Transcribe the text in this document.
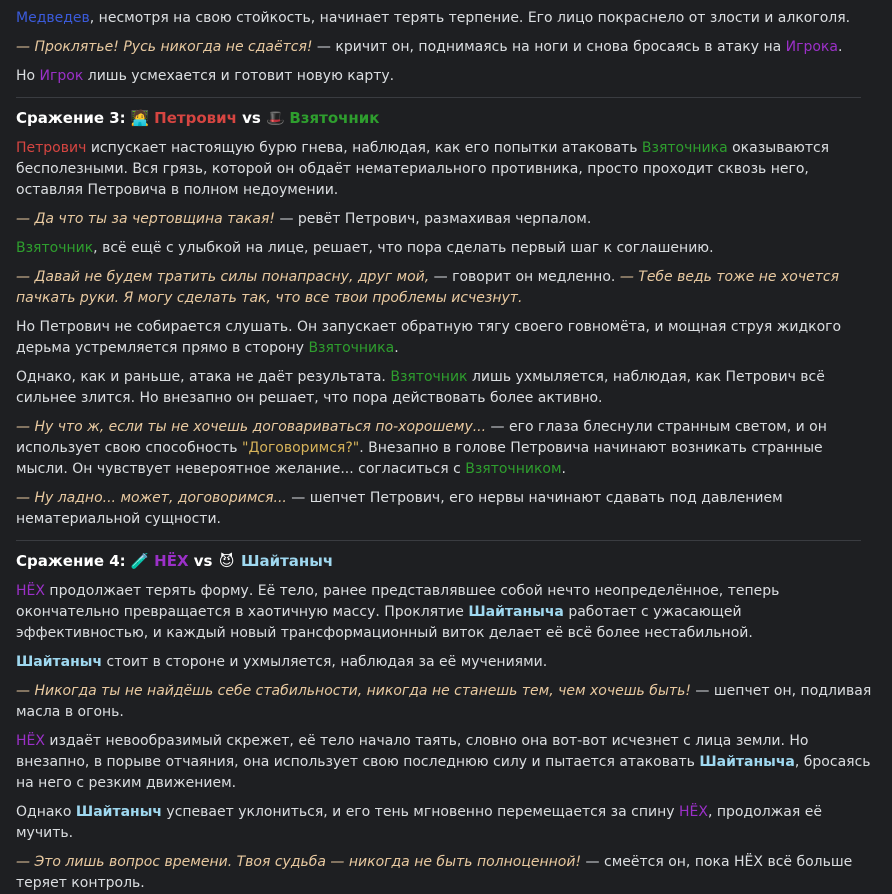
Медведев, несмотря на свою стойкость, начинает терять терпение. Его лицо покраснело от злости и алкоголя.

— Проклятье! Русь никогда не сдаётся! — кричит он, поднимаясь на ноги и снова бросаясь в атаку на Игрока.

Но Игрок лишь усмехается и готовит новую карту.

Сражение 3: 🧑‍💻 Петрович vs 🎩 Взяточник

Петрович испускает настоящую бурю гнева, наблюдая, как его попытки атаковать Взяточника оказываются бесполезными. Вся грязь, которой он обдаёт нематериального противника, просто проходит сквозь него, оставляя Петровича в полном недоумении.

— Да что ты за чертовщина такая! — ревёт Петрович, размахивая черпалом.

Взяточник, всё ещё с улыбкой на лице, решает, что пора сделать первый шаг к соглашению.

— Давай не будем тратить силы понапрасну, друг мой, — говорит он медленно. — Тебе ведь тоже не хочется пачкать руки. Я могу сделать так, что все твои проблемы исчезнут.

Но Петрович не собирается слушать. Он запускает обратную тягу своего говномёта, и мощная струя жидкого дерьма устремляется прямо в сторону Взяточника.

Однако, как и раньше, атака не даёт результата. Взяточник лишь ухмыляется, наблюдая, как Петрович всё сильнее злится. Но внезапно он решает, что пора действовать более активно.

— Ну что ж, если ты не хочешь договариваться по-хорошему... — его глаза блеснули странным светом, и он использует свою способность "Договоримся?". Внезапно в голове Петровича начинают возникать странные мысли. Он чувствует невероятное желание... согласиться с Взяточником.

— Ну ладно... может, договоримся... — шепчет Петрович, его нервы начинают сдавать под давлением нематериальной сущности.

Сражение 4: 🧪 НЁХ vs 😈 Шайтаныч

НЁХ продолжает терять форму. Её тело, ранее представлявшее собой нечто неопределённое, теперь окончательно превращается в хаотичную массу. Проклятие Шайтаныча работает с ужасающей эффективностью, и каждый новый трансформационный виток делает её всё более нестабильной.

Шайтаныч стоит в стороне и ухмыляется, наблюдая за её мучениями.

— Никогда ты не найдёшь себе стабильности, никогда не станешь тем, чем хочешь быть! — шепчет он, подливая масла в огонь.

НЁХ издаёт невообразимый скрежет, её тело начало таять, словно она вот-вот исчезнет с лица земли. Но внезапно, в порыве отчаяния, она использует свою последнюю силу и пытается атаковать Шайтаныча, бросаясь на него с резким движением.

Однако Шайтаныч успевает уклониться, и его тень мгновенно перемещается за спину НЁХ, продолжая её мучить.

— Это лишь вопрос времени. Твоя судьба — никогда не быть полноценной! — смеётся он, пока НЁХ всё больше теряет контроль.
